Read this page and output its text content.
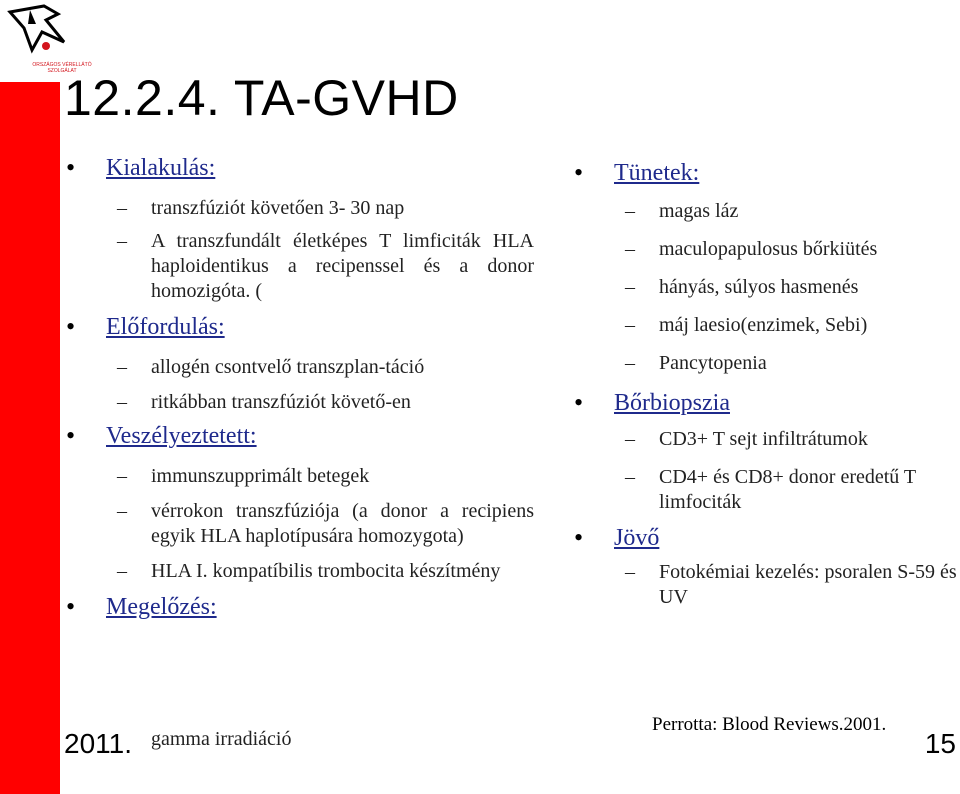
ORSZÁGOS VÉRELLÁTÓ SZOLGÁLAT
12.2.4. TA-GVHD
• Kialakulás:
– transzfúziót követően 3- 30 nap
– A transzfundált életképes T limficiták HLA haploidentikus a recipenssel és a donor homozigóta. (
• Előfordulás:
– allogén csontvelő transzplan-táció
– ritkábban transzfúziót követő-en
• Veszélyeztetett:
– immunszupprimált betegek
– vérrokon transzfúziója (a donor a recipiens egyik HLA haplotípusára homozygota)
– HLA I. kompatíbilis trombocita készítmény
• Megelőzés:
gamma irradiáció
• Tünetek:
– magas láz
– maculopapulosus bőrkiütés
– hányás, súlyos hasmenés
– máj laesio(enzimek, Sebi)
– Pancytopenia
• Bőrbiopszia
– CD3+ T sejt infiltrátumok
– CD4+ és CD8+ donor eredetű T limfociták
• Jövő
– Fotokémiai kezelés: psoralen S-59 és UV
Perrotta: Blood Reviews.2001.
2011.	15
